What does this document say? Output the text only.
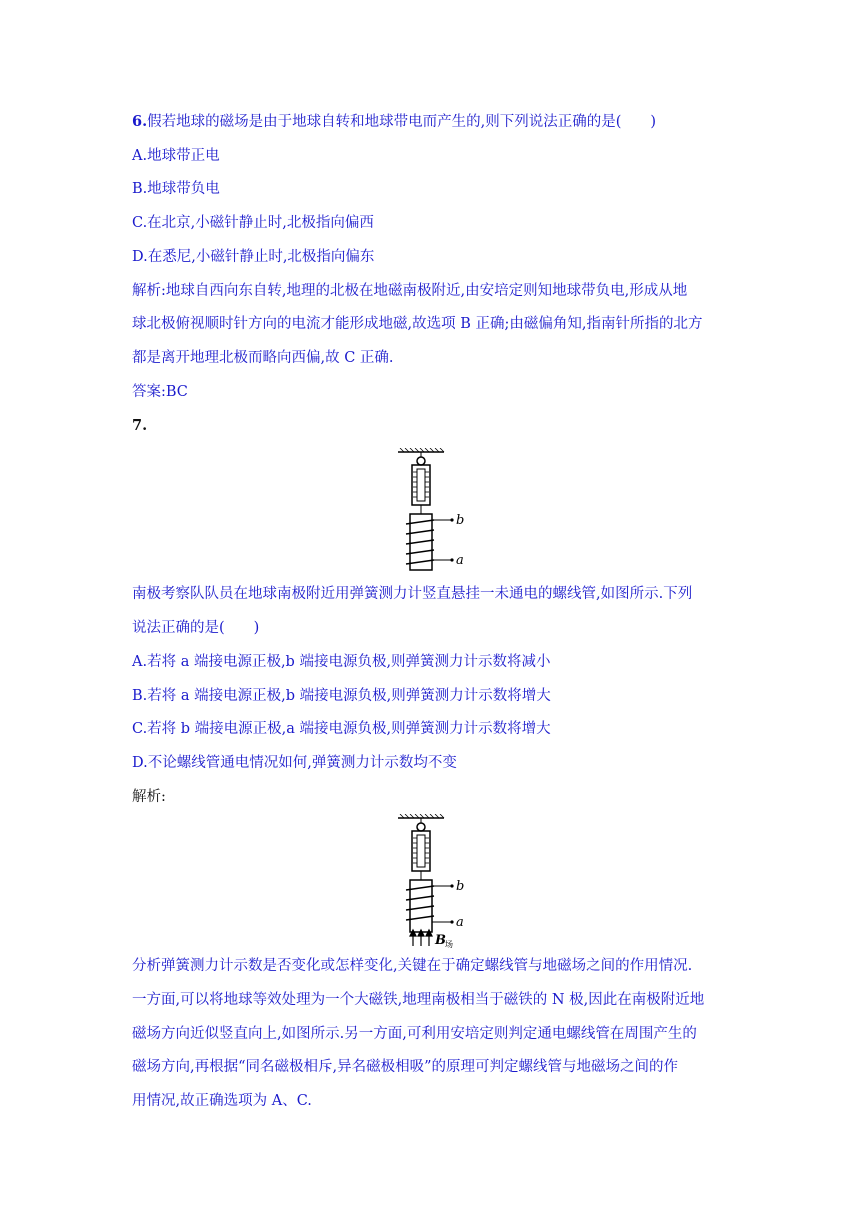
6.假若地球的磁场是由于地球自转和地球带电而产生的,则下列说法正确的是(　　)
A.地球带正电
B.地球带负电
C.在北京,小磁针静止时,北极指向偏西
D.在悉尼,小磁针静止时,北极指向偏东
解析:地球自西向东自转,地理的北极在地磁南极附近,由安培定则知地球带负电,形成从地
球北极俯视顺时针方向的电流才能形成地磁,故选项 B 正确;由磁偏角知,指南针所指的北方
都是离开地理北极而略向西偏,故 C 正确.
答案:BC
7.
b
a
南极考察队队员在地球南极附近用弹簧测力计竖直悬挂一未通电的螺线管,如图所示.下列
说法正确的是(　　)
A.若将 a 端接电源正极,b 端接电源负极,则弹簧测力计示数将减小
B.若将 a 端接电源正极,b 端接电源负极,则弹簧测力计示数将增大
C.若将 b 端接电源正极,a 端接电源负极,则弹簧测力计示数将增大
D.不论螺线管通电情况如何,弹簧测力计示数均不变
解析:
b
a
B 场
分析弹簧测力计示数是否变化或怎样变化,关键在于确定螺线管与地磁场之间的作用情况.
一方面,可以将地球等效处理为一个大磁铁,地理南极相当于磁铁的 N 极,因此在南极附近地
磁场方向近似竖直向上,如图所示.另一方面,可利用安培定则判定通电螺线管在周围产生的
磁场方向,再根据“同名磁极相斥,异名磁极相吸”的原理可判定螺线管与地磁场之间的作
用情况,故正确选项为 A、C.
